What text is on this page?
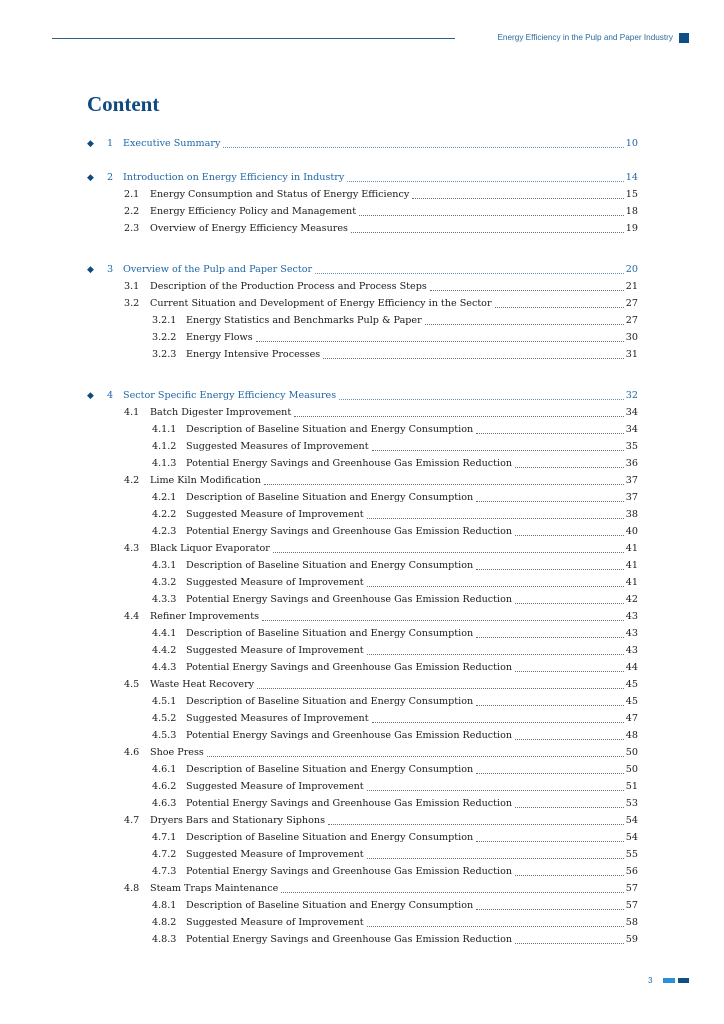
Energy Efficiency in the Pulp and Paper Industry
Content
◆ 1	Executive Summary	10
◆ 2	Introduction on Energy Efficiency in Industry	14
2.1	Energy Consumption and Status of Energy Efficiency	15
2.2	Energy Efficiency Policy and Management	18
2.3	Overview of Energy Efficiency Measures	19
◆ 3	Overview of the Pulp and Paper Sector	20
3.1	Description of the Production Process and Process Steps	21
3.2	Current Situation and Development of Energy Efficiency in the Sector	27
3.2.1 Energy Statistics and Benchmarks Pulp & Paper	27
3.2.2 Energy Flows	30
3.2.3 Energy Intensive Processes	31
◆ 4	Sector Specific Energy Efficiency Measures	32
4.1	Batch Digester Improvement	34
4.1.1 Description of Baseline Situation and Energy Consumption	34
4.1.2 Suggested Measures of Improvement	35
4.1.3 Potential Energy Savings and Greenhouse Gas Emission Reduction	36
4.2	Lime Kiln Modification	37
4.2.1 Description of Baseline Situation and Energy Consumption	37
4.2.2 Suggested Measure of Improvement	38
4.2.3 Potential Energy Savings and Greenhouse Gas Emission Reduction	40
4.3	Black Liquor Evaporator	41
4.3.1 Description of Baseline Situation and Energy Consumption	41
4.3.2 Suggested Measure of Improvement	41
4.3.3 Potential Energy Savings and Greenhouse Gas Emission Reduction	42
4.4	Refiner Improvements	43
4.4.1 Description of Baseline Situation and Energy Consumption	43
4.4.2 Suggested Measure of Improvement	43
4.4.3 Potential Energy Savings and Greenhouse Gas Emission Reduction	44
4.5	Waste Heat Recovery	45
4.5.1 Description of Baseline Situation and Energy Consumption	45
4.5.2 Suggested Measures of Improvement	47
4.5.3 Potential Energy Savings and Greenhouse Gas Emission Reduction	48
4.6	Shoe Press	50
4.6.1 Description of Baseline Situation and Energy Consumption	50
4.6.2 Suggested Measure of Improvement	51
4.6.3 Potential Energy Savings and Greenhouse Gas Emission Reduction	53
4.7	Dryers Bars and Stationary Siphons	54
4.7.1 Description of Baseline Situation and Energy Consumption	54
4.7.2 Suggested Measure of Improvement	55
4.7.3 Potential Energy Savings and Greenhouse Gas Emission Reduction	56
4.8	Steam Traps Maintenance	57
4.8.1 Description of Baseline Situation and Energy Consumption	57
4.8.2 Suggested Measure of Improvement	58
4.8.3 Potential Energy Savings and Greenhouse Gas Emission Reduction	59
3
